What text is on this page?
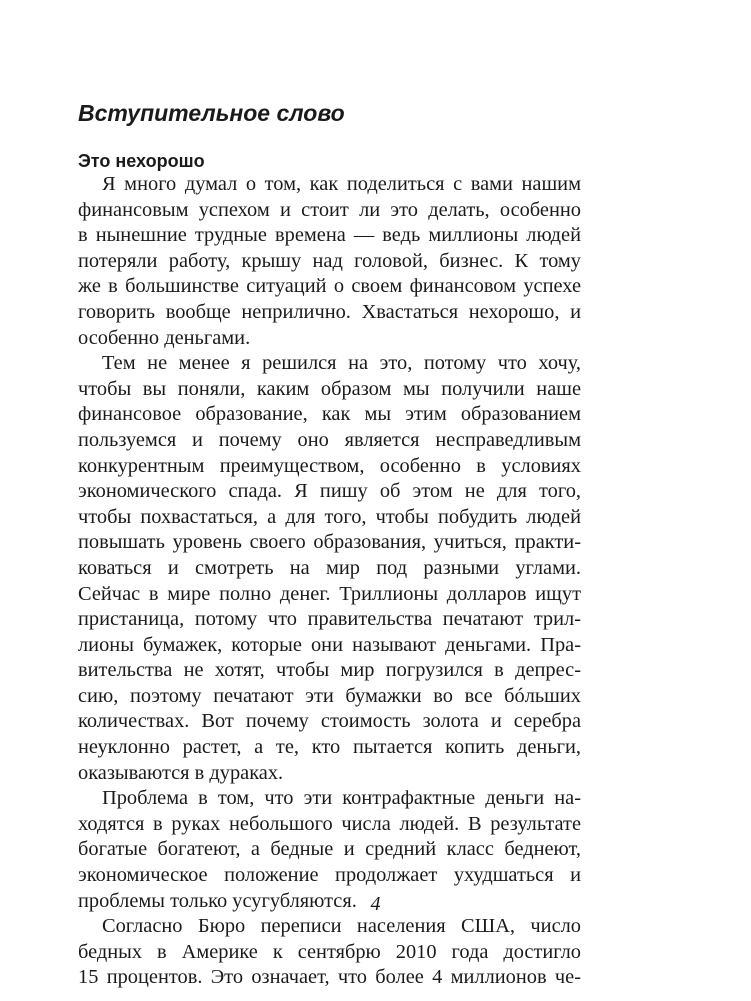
Вступительное слово
Это нехорошо

Я много думал о том, как поделиться с вами нашим
финансовым успехом и стоит ли это делать, особенно
в нынешние трудные времена — ведь миллионы людей
потеряли работу, крышу над головой, бизнес. К тому
же в большинстве ситуаций о своем финансовом успехе
говорить вообще неприлично. Хвастаться нехорошо, и
особенно деньгами.

Тем не менее я решился на это, потому что хочу,
чтобы вы поняли, каким образом мы получили наше
финансовое образование, как мы этим образованием
пользуемся и почему оно является несправедливым
конкурентным преимуществом, особенно в условиях
экономического спада. Я пишу об этом не для того,
чтобы похвастаться, а для того, чтобы побудить людей
повышать уровень своего образования, учиться, практи-
коваться и смотреть на мир под разными углами.
Сейчас в мире полно денег. Триллионы долларов ищут
пристаница, потому что правительства печатают трил-
лионы бумажек, которые они называют деньгами. Пра-
вительства не хотят, чтобы мир погрузился в депрес-
сию, поэтому печатают эти бумажки во все бóльших
количествах. Вот почему стоимость золота и серебра
неуклонно растет, а те, кто пытается копить деньги,
оказываются в дураках.

Проблема в том, что эти контрафактные деньги на-
ходятся в руках небольшого числа людей. В результате
богатые богатеют, а бедные и средний класс беднеют,
экономическое положение продолжает ухудшаться и
проблемы только усугубляются.

Согласно Бюро переписи населения США, число
бедных в Америке к сентябрю 2010 года достигло
15 процентов. Это означает, что более 4 миллионов че-

4
